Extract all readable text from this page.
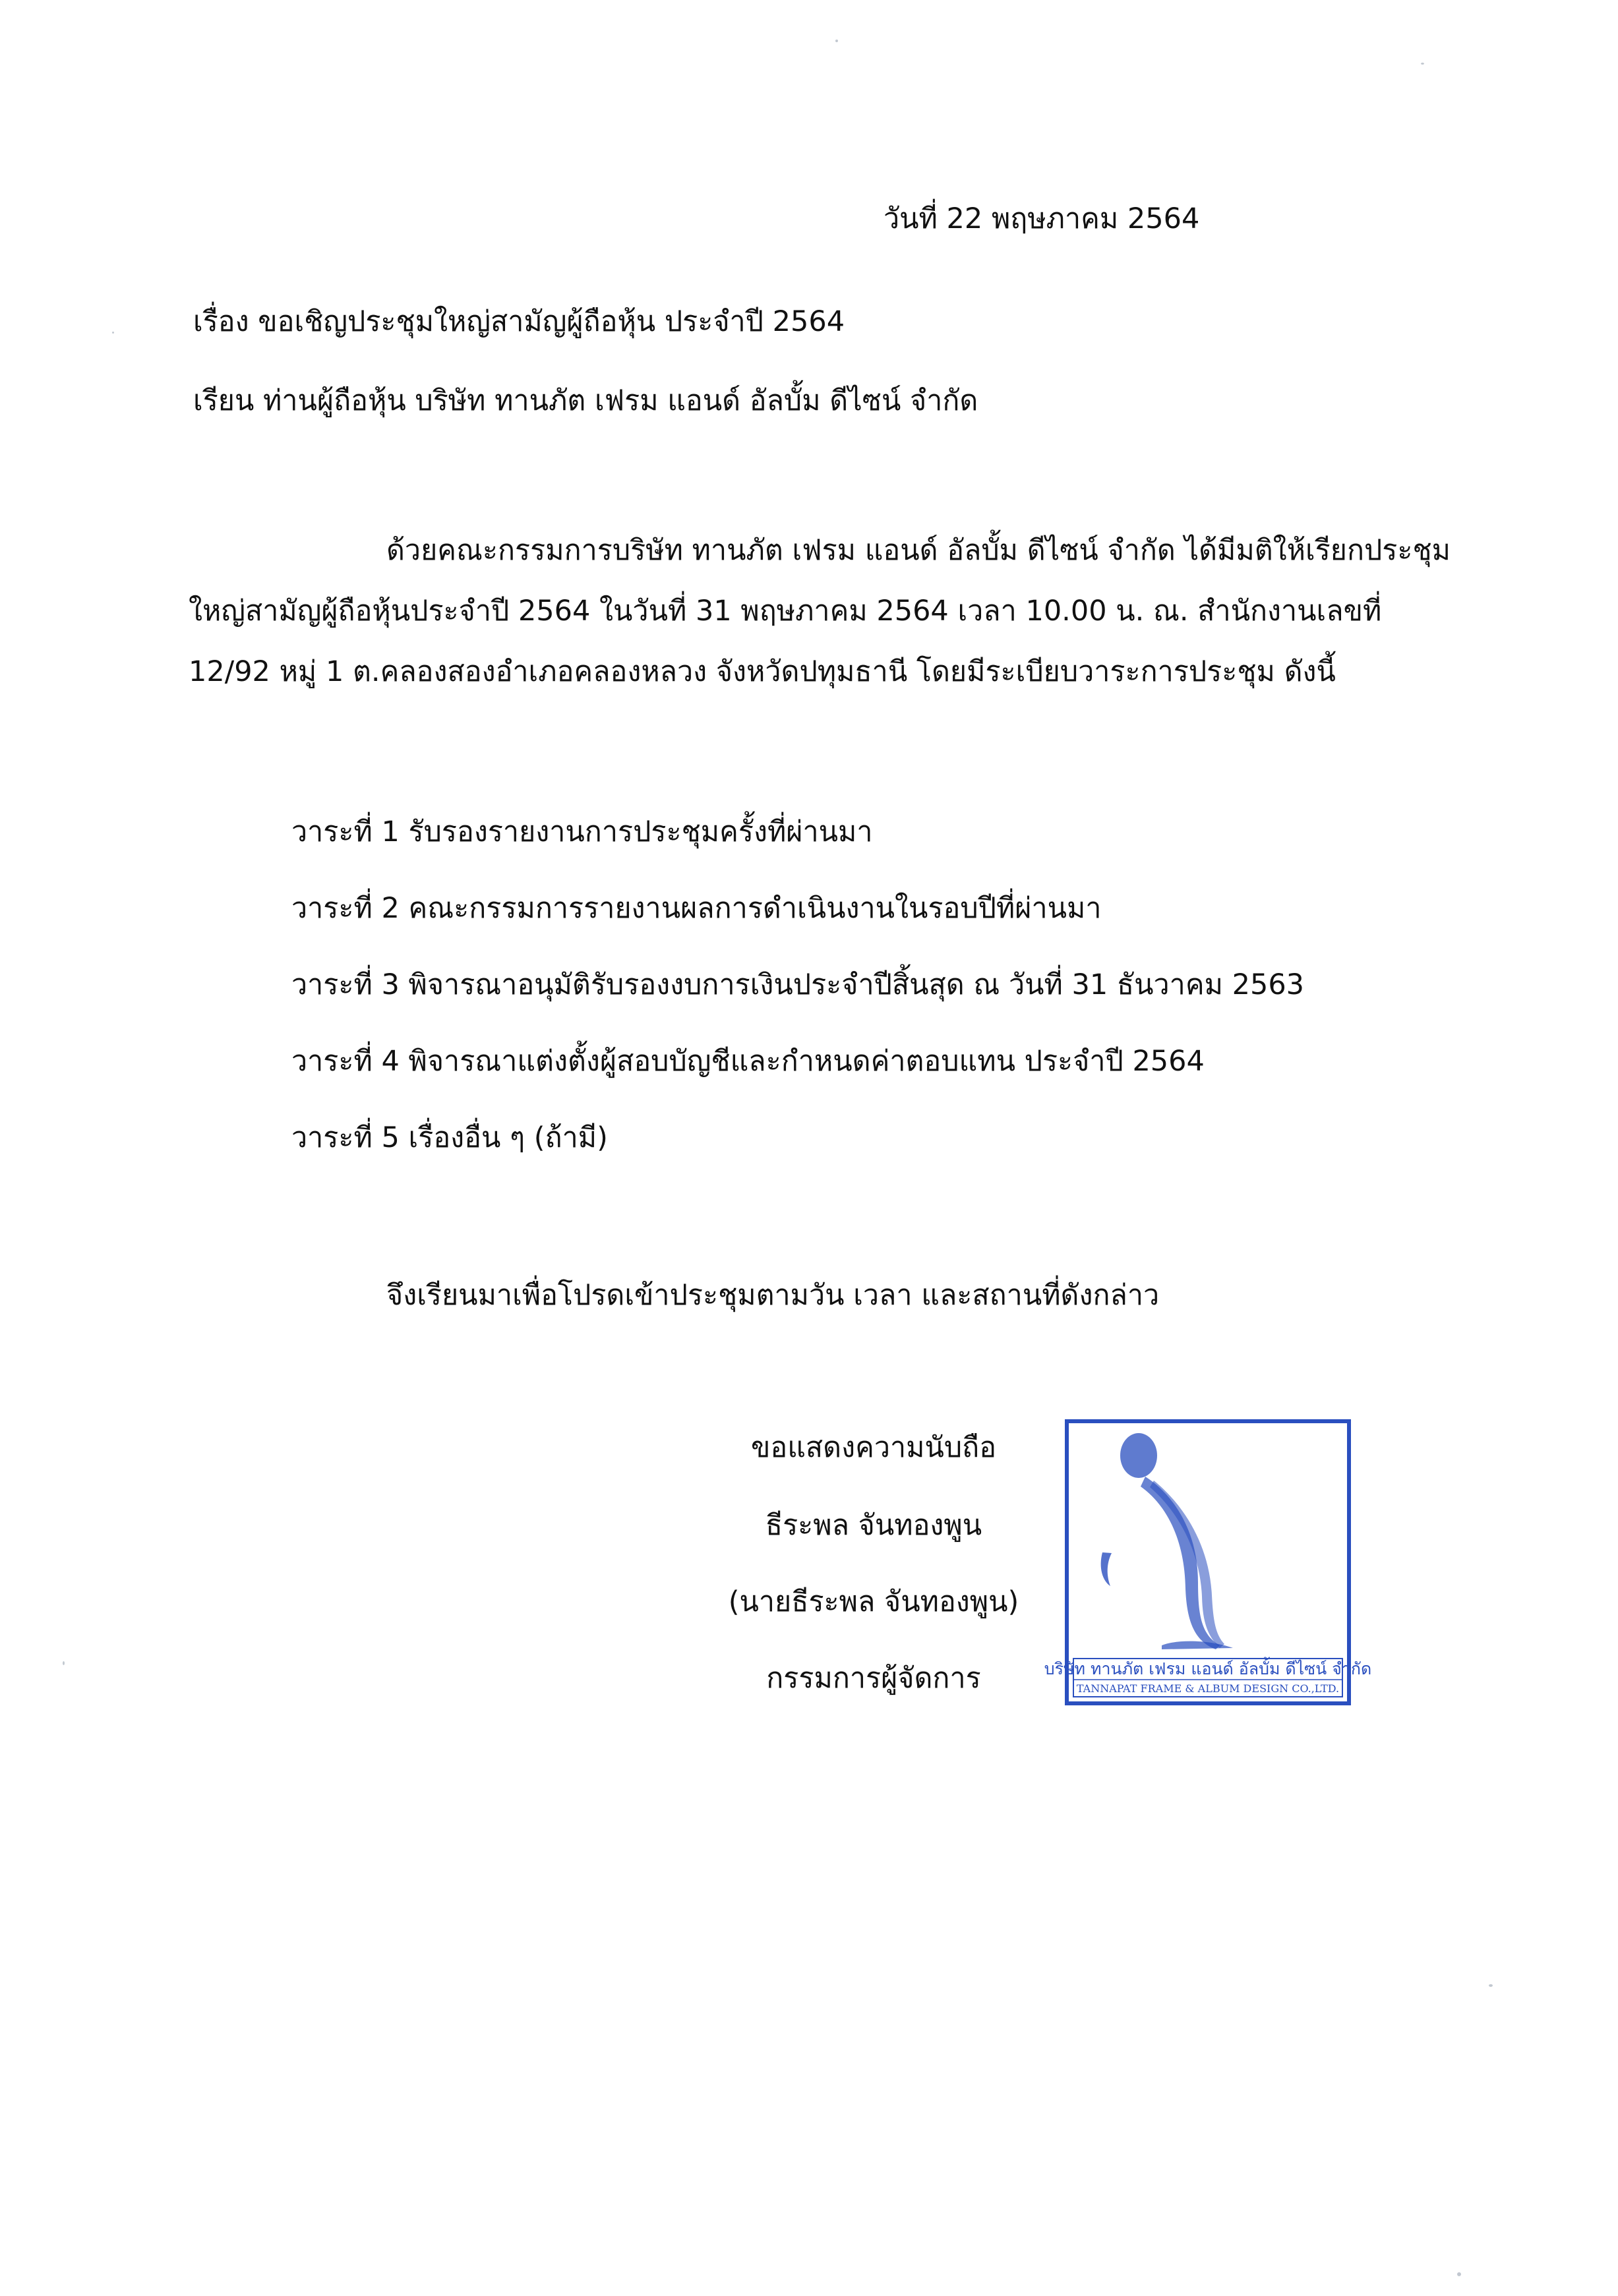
วันที่ 22 พฤษภาคม 2564
เรื่อง ขอเชิญประชุมใหญ่สามัญผู้ถือหุ้น ประจำปี 2564
เรียน ท่านผู้ถือหุ้น บริษัท ทานภัต เฟรม แอนด์ อัลบั้ม ดีไซน์ จำกัด
ด้วยคณะกรรมการบริษัท ทานภัต เฟรม แอนด์ อัลบั้ม ดีไซน์ จำกัด ได้มีมติให้เรียกประชุม
ใหญ่สามัญผู้ถือหุ้นประจำปี 2564 ในวันที่ 31 พฤษภาคม 2564 เวลา 10.00 น. ณ. สำนักงานเลขที่
12/92 หมู่ 1 ต.คลองสองอำเภอคลองหลวง จังหวัดปทุมธานี โดยมีระเบียบวาระการประชุม ดังนี้
วาระที่ 1 รับรองรายงานการประชุมครั้งที่ผ่านมา
วาระที่ 2 คณะกรรมการรายงานผลการดำเนินงานในรอบปีที่ผ่านมา
วาระที่ 3 พิจารณาอนุมัติรับรองงบการเงินประจำปีสิ้นสุด ณ วันที่ 31 ธันวาคม 2563
วาระที่ 4 พิจารณาแต่งตั้งผู้สอบบัญชีและกำหนดค่าตอบแทน ประจำปี 2564
วาระที่ 5 เรื่องอื่น ๆ (ถ้ามี)
จึงเรียนมาเพื่อโปรดเข้าประชุมตามวัน เวลา และสถานที่ดังกล่าว
ขอแสดงความนับถือ
ธีระพล จันทองพูน
(นายธีระพล จันทองพูน)
กรรมการผู้จัดการ	บริษัท ทานภัต เฟรม แอนด์ อัลบั้ม ดีไซน์ จำกัด
TANNAPAT FRAME & ALBUM DESIGN CO.,LTD.
